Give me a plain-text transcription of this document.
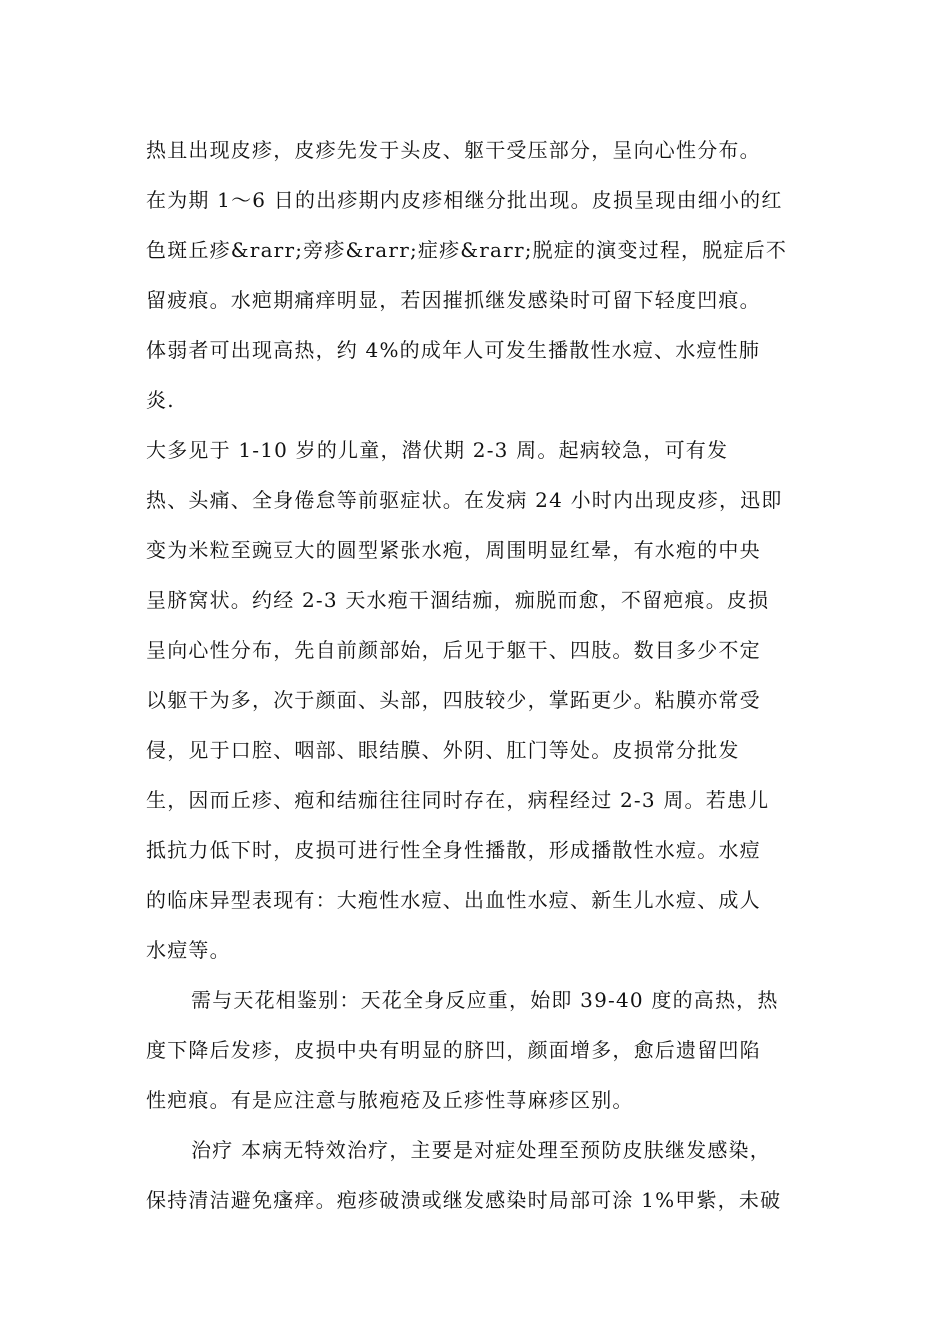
热且出现皮疹，皮疹先发于头皮、躯干受压部分，呈向心性分布。
在为期 1～6 日的出疹期内皮疹相继分批出现。皮损呈现由细小的红
色斑丘疹&rarr;旁疹&rarr;症疹&rarr;脱症的演变过程，脱症后不
留疲痕。水疤期痛痒明显，若因摧抓继发感染时可留下轻度凹痕。
体弱者可出现高热，约 4%的成年人可发生播散性水痘、水痘性肺
炎.
大多见于 1-10 岁的儿童，潜伏期 2-3 周。起病较急，可有发
热、头痛、全身倦怠等前驱症状。在发病 24 小时内出现皮疹，迅即
变为米粒至豌豆大的圆型紧张水疱，周围明显红晕，有水疱的中央
呈脐窝状。约经 2-3 天水疱干涸结痂，痂脱而愈，不留疤痕。皮损
呈向心性分布，先自前颜部始，后见于躯干、四肢。数目多少不定
以躯干为多，次于颜面、头部，四肢较少，掌跖更少。粘膜亦常受
侵，见于口腔、咽部、眼结膜、外阴、肛门等处。皮损常分批发
生，因而丘疹、疱和结痂往往同时存在，病程经过 2-3 周。若患儿
抵抗力低下时，皮损可进行性全身性播散，形成播散性水痘。水痘
的临床异型表现有：大疱性水痘、出血性水痘、新生儿水痘、成人
水痘等。
需与天花相鉴别：天花全身反应重，始即 39-40 度的高热，热
度下降后发疹，皮损中央有明显的脐凹，颜面增多，愈后遗留凹陷
性疤痕。有是应注意与脓疱疮及丘疹性荨麻疹区别。
治疗 本病无特效治疗，主要是对症处理至预防皮肤继发感染，
保持清洁避免瘙痒。疱疹破溃或继发感染时局部可涂 1%甲紫，未破
